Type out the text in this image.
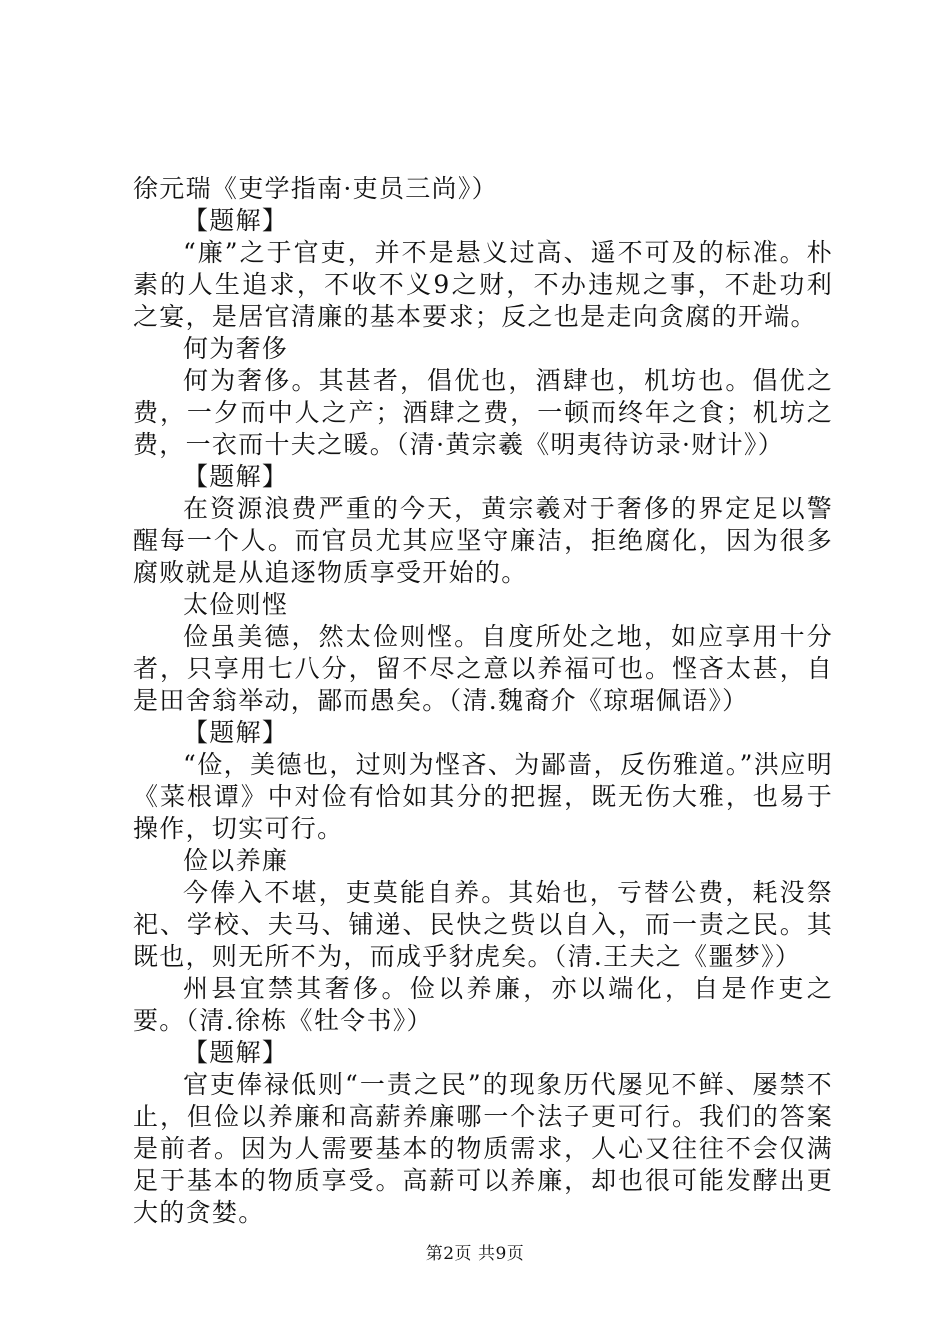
徐元瑞《吏学指南·吏员三尚》）

【题解】

“廉”之于官吏，并不是悬义过高、遥不可及的标准。朴素的人生追求，不收不义9之财，不办违规之事，不赴功利之宴，是居官清廉的基本要求；反之也是走向贪腐的开端。

何为奢侈

何为奢侈。其甚者，倡优也，酒肆也，机坊也。倡优之费，一夕而中人之产；酒肆之费，一顿而终年之食；机坊之费，一衣而十夫之暖。（清·黄宗羲《明夷待访录·财计》）

【题解】

在资源浪费严重的今天，黄宗羲对于奢侈的界定足以警醒每一个人。而官员尤其应坚守廉洁，拒绝腐化，因为很多腐败就是从追逐物质享受开始的。

太俭则悭

俭虽美德，然太俭则悭。自度所处之地，如应享用十分者，只享用七八分，留不尽之意以养福可也。悭吝太甚，自是田舍翁举动，鄙而愚矣。（清.魏裔介《琼琚佩语》）

【题解】

“俭，美德也，过则为悭吝、为鄙啬，反伤雅道。”洪应明《菜根谭》中对俭有恰如其分的把握，既无伤大雅，也易于操作，切实可行。

俭以养廉

今俸入不堪，吏莫能自养。其始也，亏替公费，耗没祭祀、学校、夫马、铺递、民快之赀以自入，而一责之民。其既也，则无所不为，而成乎豺虎矣。（清.王夫之《噩梦》）

州县宜禁其奢侈。俭以养廉，亦以端化，自是作吏之要。（清.徐栋《牡令书》）

【题解】

官吏俸禄低则“一责之民”的现象历代屡见不鲜、屡禁不止，但俭以养廉和高薪养廉哪一个法子更可行。我们的答案是前者。因为人需要基本的物质需求，人心又往往不会仅满足于基本的物质享受。高薪可以养廉，却也很可能发酵出更大的贪婪。

第2页 共9页
